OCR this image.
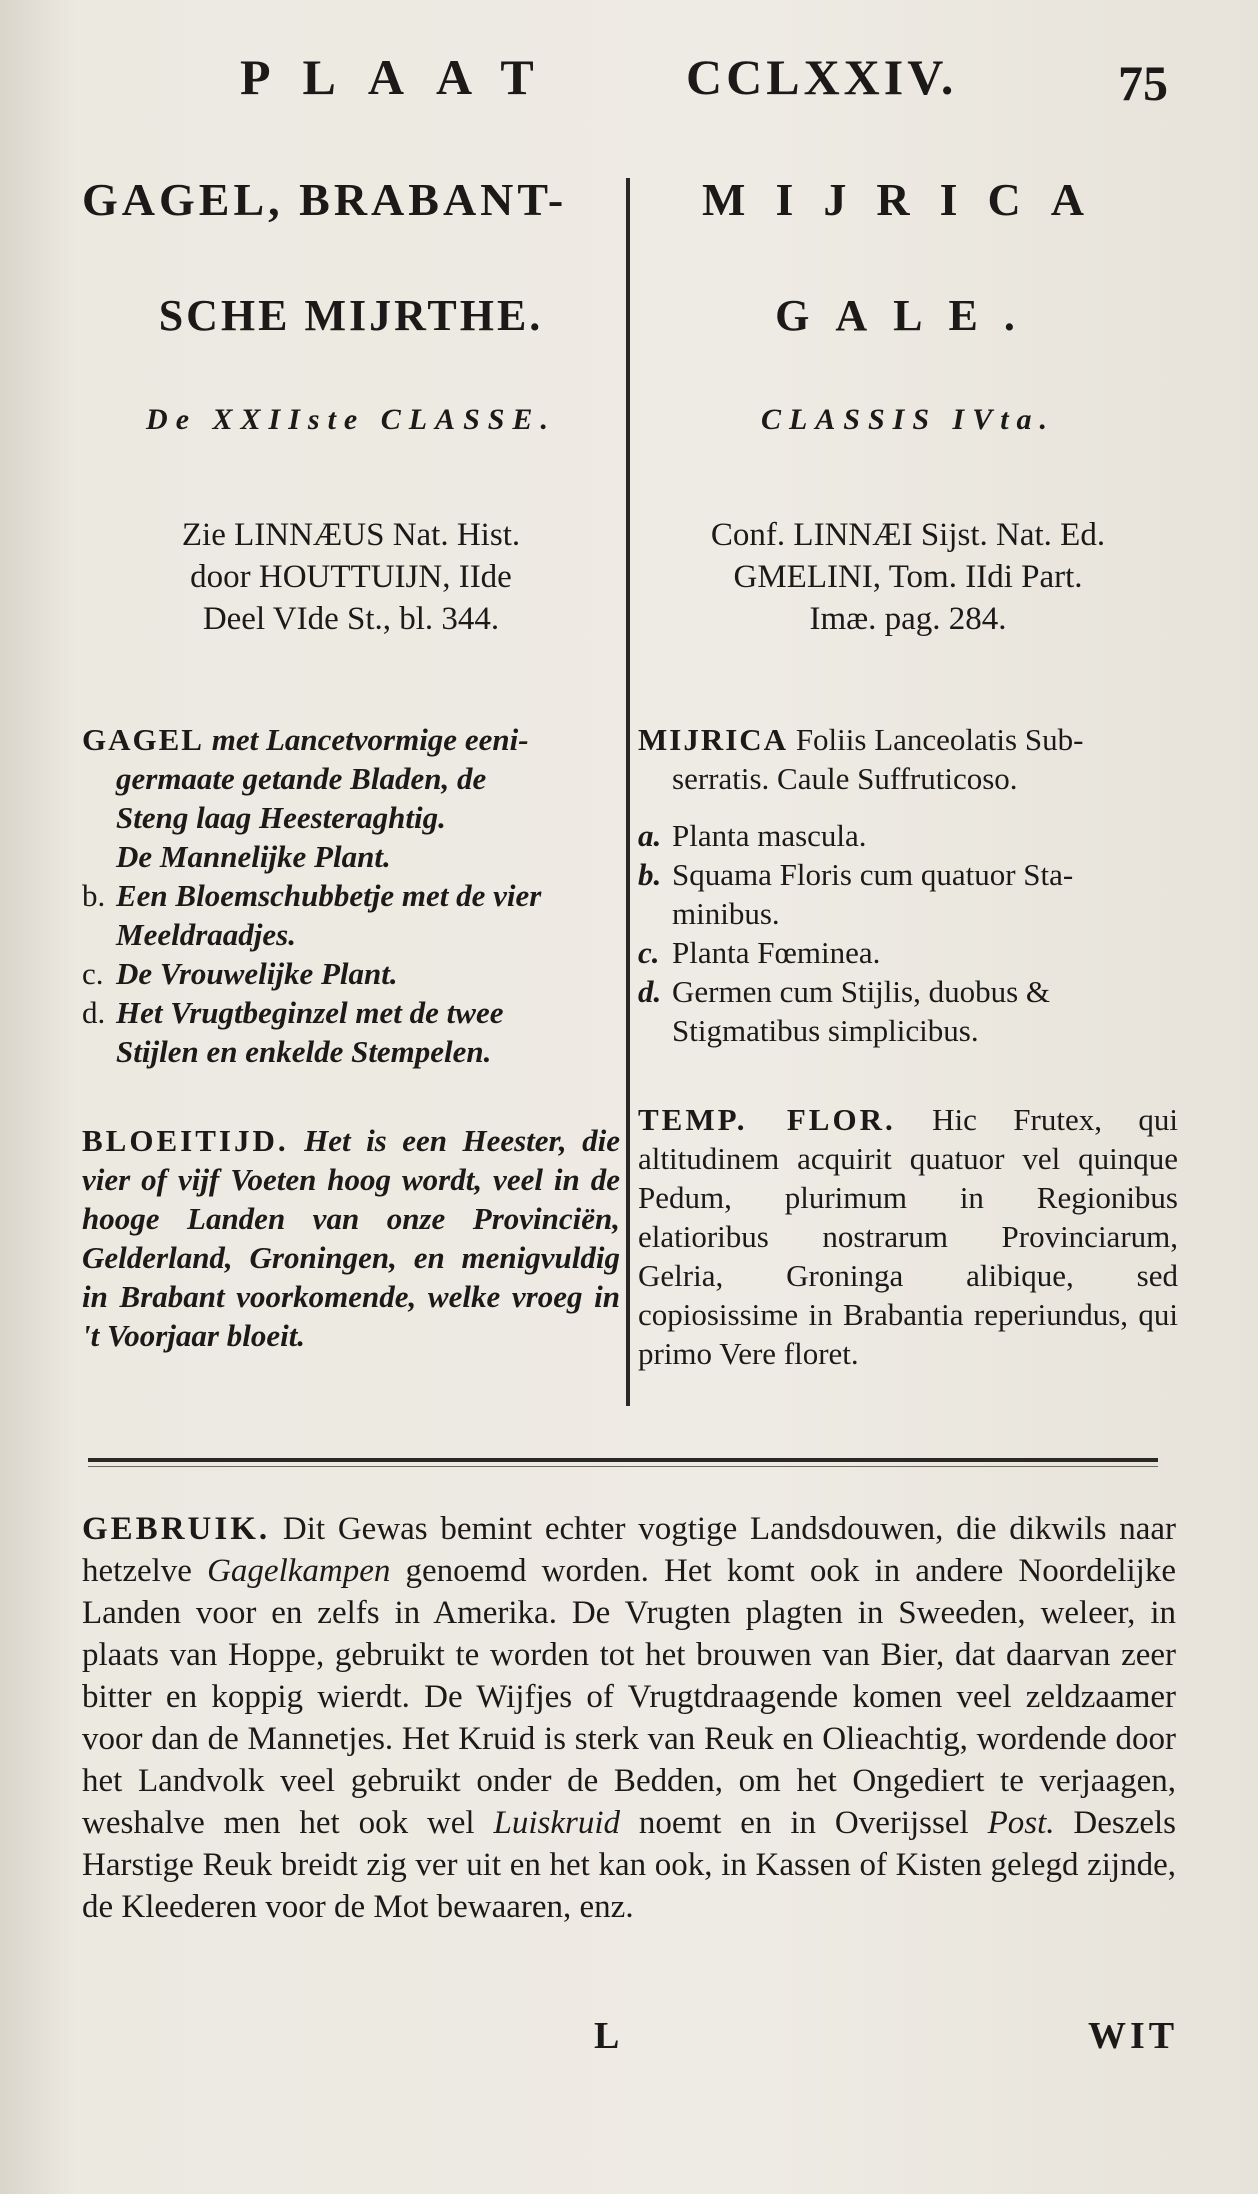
PLAAT CCLXXIV.	75
GAGEL, BRABANT-
SCHE MIJRTHE.
De XXIIste CLASSE.
Zie LINNÆUS Nat. Hist.
door HOUTTUIJN, IIde
Deel VIde St., bl. 344.
GAGEL met Lancetvormige eeni-
germaate getande Bladen, de
Steng laag Heesteraghtig.
De Mannelijke Plant.
b. Een Bloemschubbetje met de vier
Meeldraadjes.
c. De Vrouwelijke Plant.
d. Het Vrugtbeginzel met de twee
Stijlen en enkelde Stempelen.
BLOEITIJD. Het is een Heester, die vier of vijf Voeten hoog wordt, veel in de hooge Landen van onze Provinciën, Gelderland, Groningen, en menigvuldig in Brabant voorkomende, welke vroeg in 't Voorjaar bloeit.
MIJRICA
GALE.
CLASSIS IVta.
Conf. LINNÆI Sijst. Nat. Ed.
GMELINI, Tom. IIdi Part.
Imæ. pag. 284.
MIJRICA Foliis Lanceolatis Sub-
serratis. Caule Suffruticoso.
a. Planta mascula.
b. Squama Floris cum quatuor Sta-
minibus.
c. Planta Fœminea.
d. Germen cum Stijlis, duobus &
Stigmatibus simplicibus.
TEMP. FLOR. Hic Frutex, qui altitudinem acquirit quatuor vel quinque Pedum, plurimum in Regionibus elatioribus nostrarum Provinciarum, Gelria, Groninga alibique, sed copiosissime in Brabantia reperiundus, qui primo Vere floret.
GEBRUIK. Dit Gewas bemint echter vogtige Landsdouwen, die dikwils naar hetzelve Gagelkampen genoemd worden. Het komt ook in andere Noordelijke Landen voor en zelfs in Amerika. De Vrugten plagten in Sweeden, weleer, in plaats van Hoppe, gebruikt te worden tot het brouwen van Bier, dat daarvan zeer bitter en koppig wierdt. De Wijfjes of Vrugtdraagende komen veel zeldzaamer voor dan de Mannetjes. Het Kruid is sterk van Reuk en Olieachtig, wordende door het Landvolk veel gebruikt onder de Bedden, om het Ongediert te verjaagen, weshalve men het ook wel Luiskruid noemt en in Overijssel Post. Deszels Harstige Reuk breidt zig ver uit en het kan ook, in Kassen of Kisten gelegd zijnde, de Kleederen voor de Mot bewaaren, enz.
L	WIT
